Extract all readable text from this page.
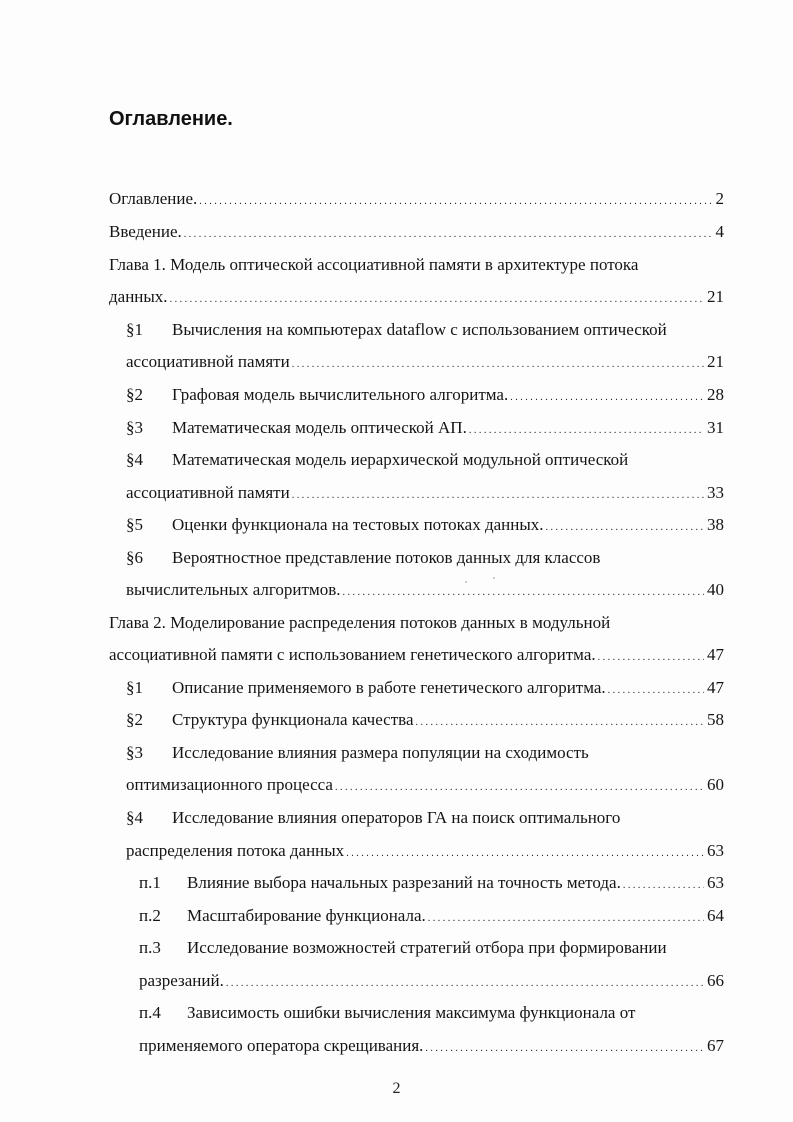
Оглавление.
Оглавление. . . .	2
Введение. . . .	4
Глава 1. Модель оптической ассоциативной памяти в архитектуре потока
данных. . . .	21
§1	Вычисления на компьютерах dataflow с использованием оптической
ассоциативной памяти . . .	21
§2	Графовая модель вычислительного алгоритма. . . .	28
§3	Математическая модель оптической АП. . . .	31
§4	Математическая модель иерархической модульной оптической
ассоциативной памяти . . .	33
§5	Оценки функционала на тестовых потоках данных. . . .	38
§6	Вероятностное представление потоков данных для классов
вычислительных алгоритмов. . . .	40
Глава 2. Моделирование распределения потоков данных в модульной
ассоциативной памяти с использованием генетического алгоритма. . . .	47
§1	Описание применяемого в работе генетического алгоритма. . . .	47
§2	Структура функционала качества . . .	58
§3	Исследование влияния размера популяции на сходимость
оптимизационного процесса . . .	60
§4	Исследование влияния операторов ГА на поиск оптимального
распределения потока данных . . .	63
п.1	Влияние выбора начальных разрезаний на точность метода. . . .	63
п.2	Масштабирование функционала. . . .	64
п.3	Исследование возможностей стратегий отбора при формировании
разрезаний. . . .	66
п.4	Зависимость ошибки вычисления максимума функционала от
применяемого оператора скрещивания. . . .	67
2
